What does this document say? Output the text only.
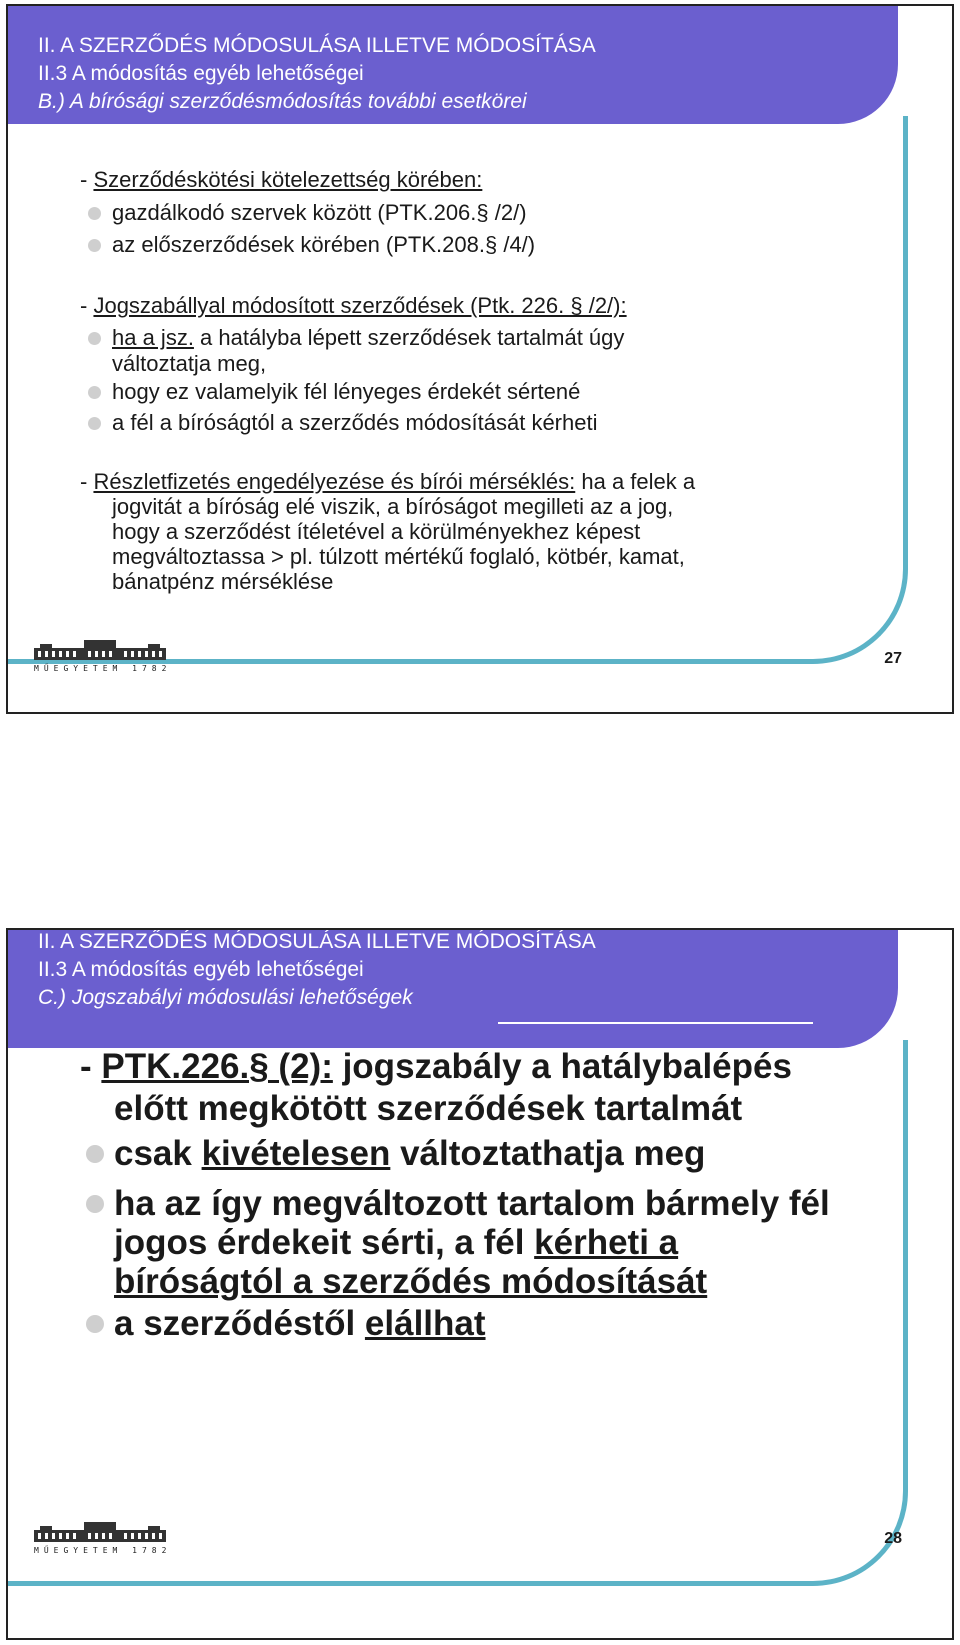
II. A SZERZŐDÉS MÓDOSULÁSA ILLETVE MÓDOSÍTÁSA
II.3 A módosítás egyéb lehetőségei
B.) A bírósági szerződésmódosítás további esetkörei
- Szerződéskötési kötelezettség körében:
gazdálkodó szervek között (PTK.206.§ /2/)
az előszerződések körében (PTK.208.§ /4/)
- Jogszabállyal módosított szerződések (Ptk. 226. § /2/):
ha a jsz. a hatályba lépett szerződések tartalmát úgy
változtatja meg,
hogy ez valamelyik fél lényeges érdekét sértené
a fél a bíróságtól a szerződés módosítását kérheti
- Részletfizetés engedélyezése és bírói mérséklés: ha a felek a
jogvitát a bíróság elé viszik, a bíróságot megilleti az a jog,
hogy a szerződést ítéletével a körülményekhez képest
megváltoztassa > pl. túlzott mértékű foglaló, kötbér, kamat,
bánatpénz mérséklése
MŰEGYETEM 1782
27
II. A SZERZŐDÉS MÓDOSULÁSA ILLETVE MÓDOSÍTÁSA
II.3 A módosítás egyéb lehetőségei
C.) Jogszabályi módosulási lehetőségek
- PTK.226.§ (2): jogszabály a hatálybalépés
előtt megkötött szerződések tartalmát
csak kivételesen változtathatja meg
ha az így megváltozott tartalom bármely fél
jogos érdekeit sérti, a fél kérheti a
bíróságtól a szerződés módosítását
a szerződéstől elállhat
MŰEGYETEM 1782
28
